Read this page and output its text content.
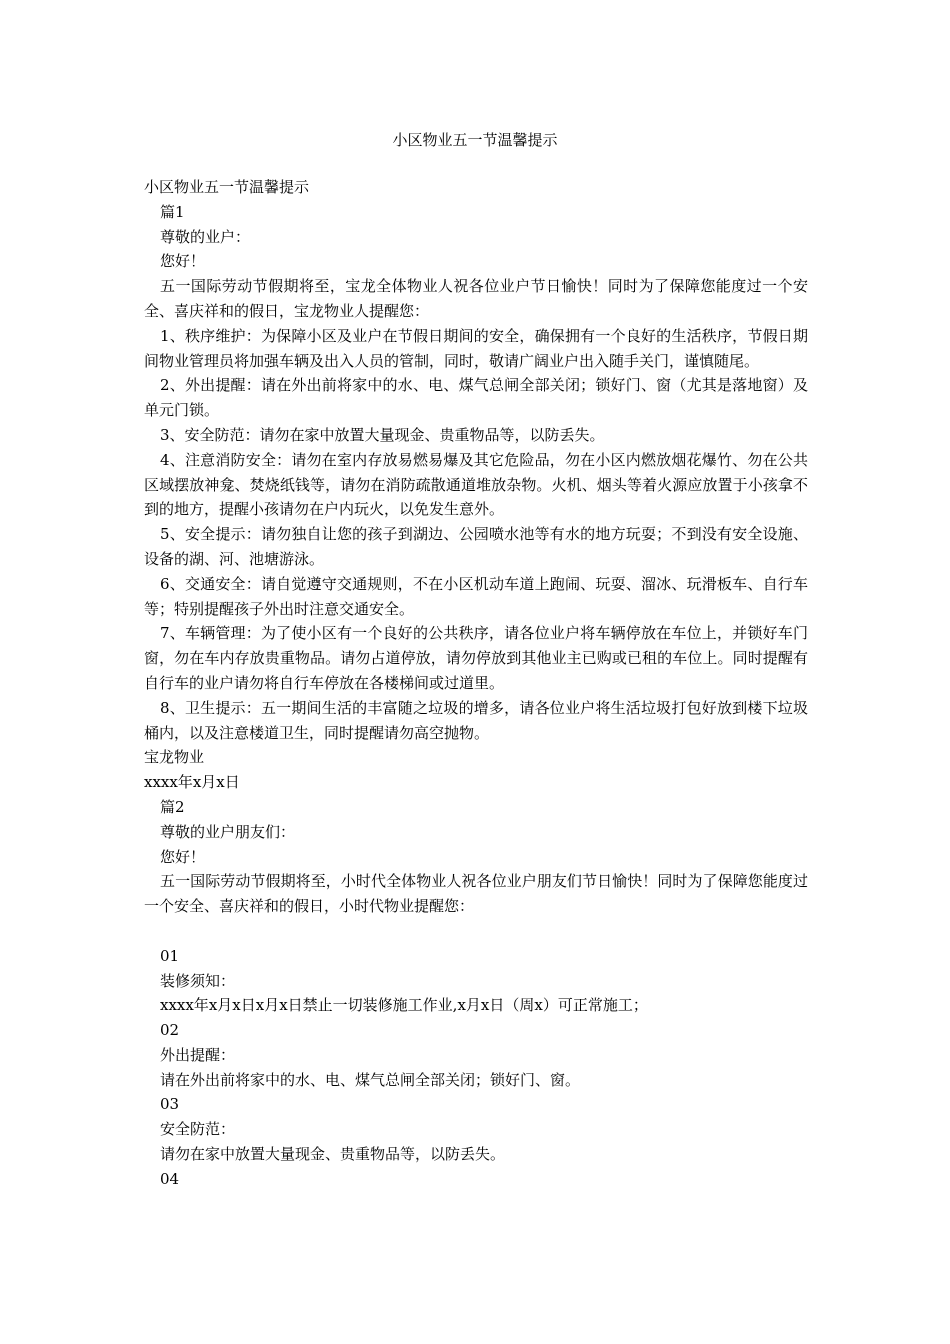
小区物业五一节温馨提示
小区物业五一节温馨提示
篇1
尊敬的业户：
您好！
五一国际劳动节假期将至，宝龙全体物业人祝各位业户节日愉快！同时为了保障您能度过一个安全、喜庆祥和的假日，宝龙物业人提醒您：
1、秩序维护：为保障小区及业户在节假日期间的安全，确保拥有一个良好的生活秩序，节假日期间物业管理员将加强车辆及出入人员的管制，同时，敬请广阔业户出入随手关门，谨慎随尾。
2、外出提醒：请在外出前将家中的水、电、煤气总闸全部关闭；锁好门、窗（尤其是落地窗）及单元门锁。
3、安全防范：请勿在家中放置大量现金、贵重物品等，以防丢失。
4、注意消防安全：请勿在室内存放易燃易爆及其它危险品，勿在小区内燃放烟花爆竹、勿在公共区域摆放神龛、焚烧纸钱等，请勿在消防疏散通道堆放杂物。火机、烟头等着火源应放置于小孩拿不到的地方，提醒小孩请勿在户内玩火，以免发生意外。
5、安全提示：请勿独自让您的孩子到湖边、公园喷水池等有水的地方玩耍；不到没有安全设施、设备的湖、河、池塘游泳。
6、交通安全：请自觉遵守交通规则，不在小区机动车道上跑闹、玩耍、溜冰、玩滑板车、自行车等；特别提醒孩子外出时注意交通安全。
7、车辆管理：为了使小区有一个良好的公共秩序，请各位业户将车辆停放在车位上，并锁好车门窗，勿在车内存放贵重物品。请勿占道停放，请勿停放到其他业主已购或已租的车位上。同时提醒有自行车的业户请勿将自行车停放在各楼梯间或过道里。
8、卫生提示：五一期间生活的丰富随之垃圾的增多，请各位业户将生活垃圾打包好放到楼下垃圾桶内，以及注意楼道卫生，同时提醒请勿高空抛物。
宝龙物业
xxxx年x月x日
篇2
尊敬的业户朋友们：
您好！
五一国际劳动节假期将至，小时代全体物业人祝各位业户朋友们节日愉快！同时为了保障您能度过一个安全、喜庆祥和的假日，小时代物业提醒您：
01
装修须知：
xxxx年x月x日x月x日禁止一切装修施工作业,x月x日（周x）可正常施工；
02
外出提醒：
请在外出前将家中的水、电、煤气总闸全部关闭；锁好门、窗。
03
安全防范：
请勿在家中放置大量现金、贵重物品等，以防丢失。
04
